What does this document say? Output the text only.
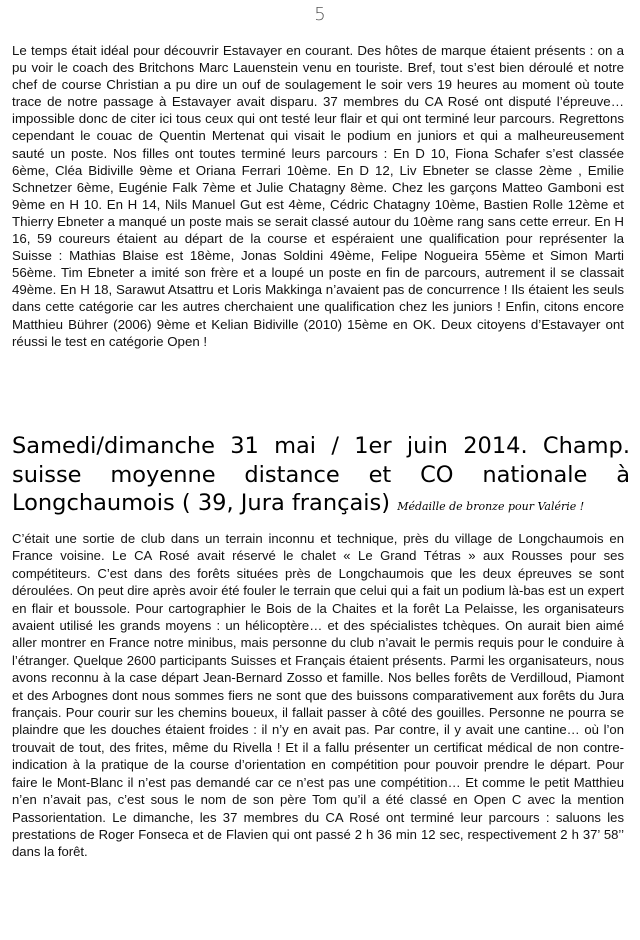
5
Le temps était idéal pour découvrir Estavayer en courant. Des hôtes de marque étaient présents : on a pu voir le coach des Britchons Marc Lauenstein venu en touriste. Bref, tout s’est bien déroulé et notre chef de course Christian a pu dire un ouf de soulagement le soir vers 19 heures au moment où toute trace de notre passage à Estavayer avait disparu. 37 membres du CA Rosé ont disputé l’épreuve… impossible donc de citer ici tous ceux qui ont testé leur flair et qui ont terminé leur parcours. Regrettons cependant le couac de Quentin Mertenat qui visait le podium en juniors et qui a malheureusement sauté un poste. Nos filles ont toutes terminé leurs parcours : En D 10, Fiona Schafer s’est classée 6ème, Cléa Bidiville 9ème et Oriana Ferrari 10ème. En D 12, Liv Ebneter se classe 2ème , Emilie Schnetzer 6ème, Eugénie Falk 7ème et Julie Chatagny 8ème. Chez les garçons Matteo Gamboni est 9ème en H 10. En H 14, Nils Manuel Gut est 4ème, Cédric Chatagny 10ème, Bastien Rolle 12ème et Thierry Ebneter a manqué un poste mais se serait classé autour du 10ème rang sans cette erreur. En H 16, 59 coureurs étaient au départ de la course et espéraient une qualification pour représenter la Suisse : Mathias Blaise est 18ème, Jonas Soldini 49ème, Felipe Nogueira 55ème et Simon Marti 56ème. Tim Ebneter a imité son frère et a loupé un poste en fin de parcours, autrement il se classait 49ème. En H 18, Sarawut Atsattru et Loris Makkinga n’avaient pas de concurrence ! Ils étaient les seuls dans cette catégorie car les autres cherchaient une qualification chez les juniors ! Enfin, citons encore Matthieu Bührer (2006) 9ème et Kelian Bidiville (2010) 15ème en OK. Deux citoyens d’Estavayer ont réussi le test en catégorie Open !
Samedi/dimanche 31 mai / 1er juin 2014. Champ. suisse moyenne distance et CO nationale à Longchaumois ( 39, Jura français) Médaille de bronze pour Valérie !
C’était une sortie de club dans un terrain inconnu et technique, près du village de Longchaumois en France voisine. Le CA Rosé avait réservé le chalet « Le Grand Tétras » aux Rousses pour ses compétiteurs. C’est dans des forêts situées près de Longchaumois que les deux épreuves se sont déroulées. On peut dire après avoir été fouler le terrain que celui qui a fait un podium là-bas est un expert en flair et boussole. Pour cartographier le Bois de la Chaites et la forêt La Pelaisse, les organisateurs avaient utilisé les grands moyens : un hélicoptère… et des spécialistes tchèques. On aurait bien aimé aller montrer en France notre minibus, mais personne du club n’avait le permis requis pour le conduire à l’étranger. Quelque 2600 participants Suisses et Français étaient présents. Parmi les organisateurs, nous avons reconnu à la case départ Jean-Bernard Zosso et famille. Nos belles forêts de Verdilloud, Piamont et des Arbognes dont nous sommes fiers ne sont que des buissons comparativement aux forêts du Jura français. Pour courir sur les chemins boueux, il fallait passer à côté des gouilles. Personne ne pourra se plaindre que les douches étaient froides : il n’y en avait pas. Par contre, il y avait une cantine… où l’on trouvait de tout, des frites, même du Rivella ! Et il a fallu présenter un certificat médical de non contre-indication à la pratique de la course d’orientation en compétition pour pouvoir prendre le départ. Pour faire le Mont-Blanc il n’est pas demandé car ce n’est pas une compétition… Et comme le petit Matthieu n’en n’avait pas, c’est sous le nom de son père Tom qu’il a été classé en Open C avec la mention Passorientation. Le dimanche, les 37 membres du CA Rosé ont terminé leur parcours : saluons les prestations de Roger Fonseca et de Flavien qui ont passé 2 h 36 min 12 sec, respectivement 2 h 37’ 58’’ dans la forêt.
